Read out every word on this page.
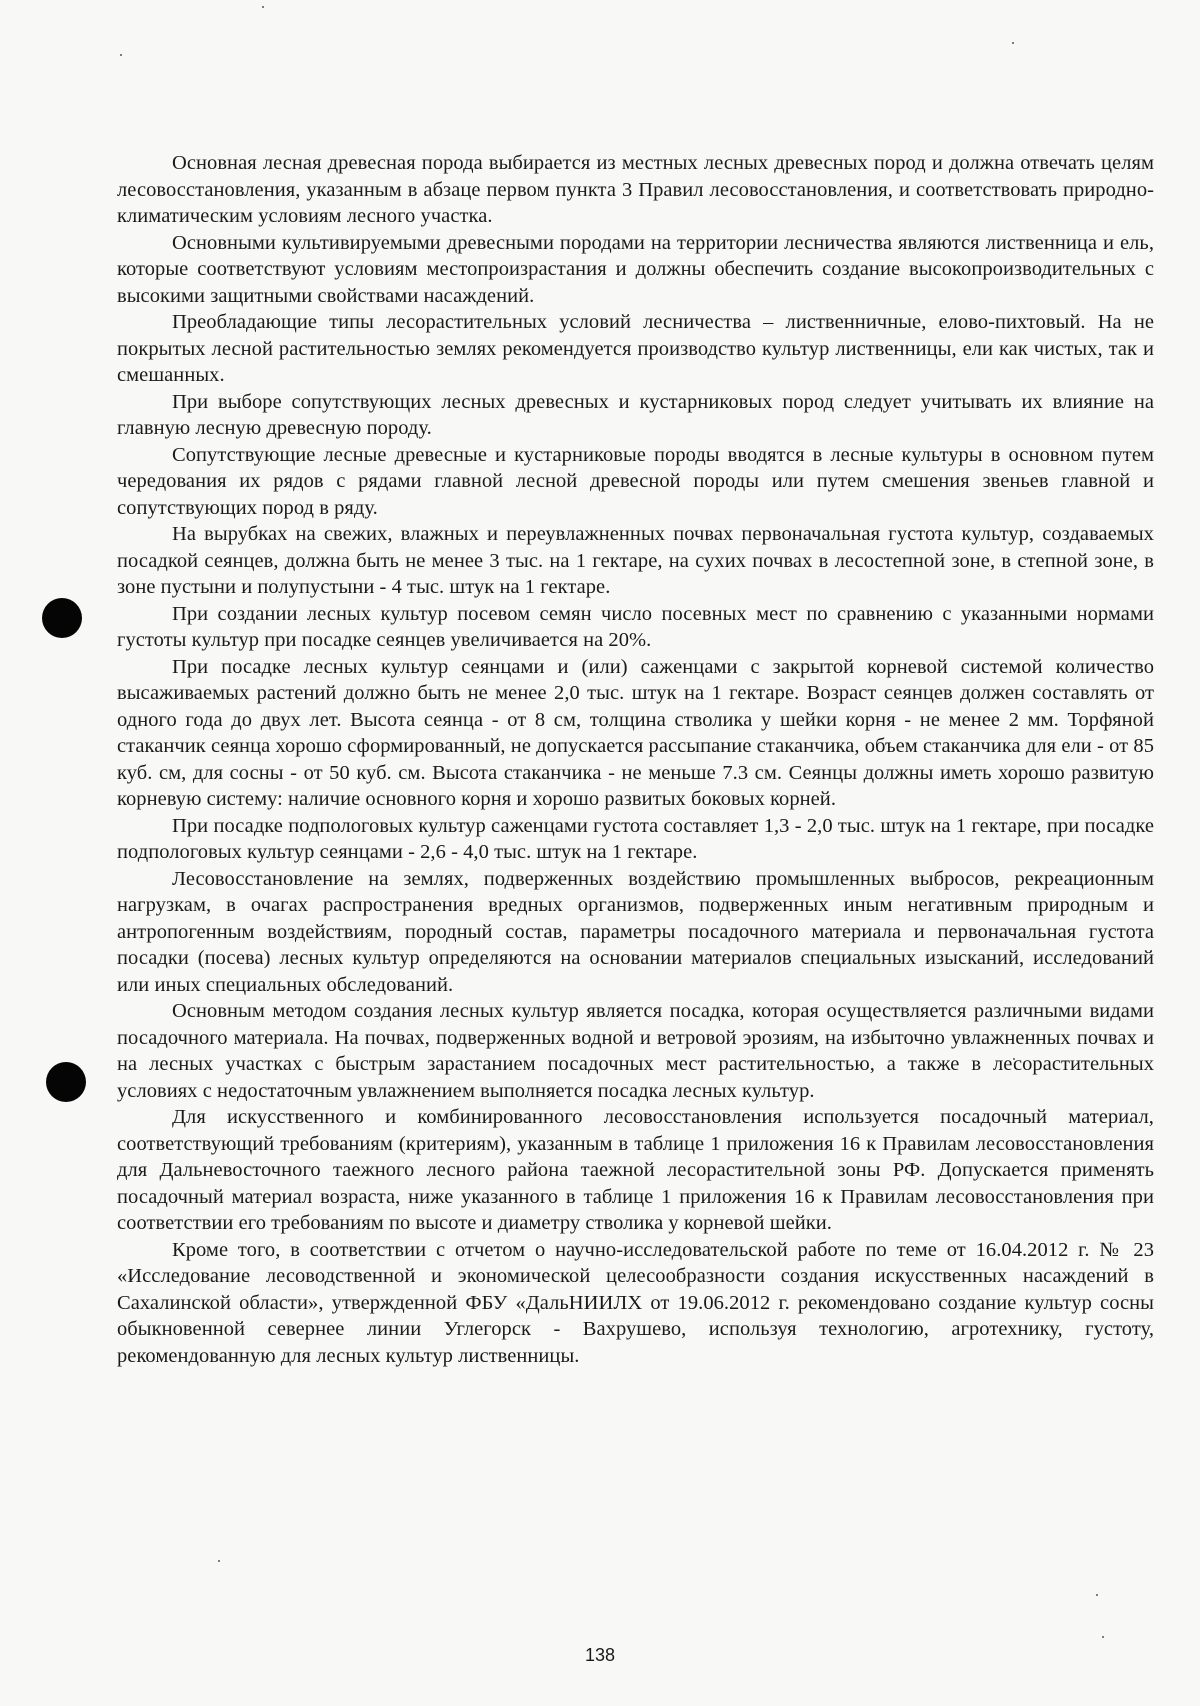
Основная лесная древесная порода выбирается из местных лесных древесных пород и должна отвечать целям лесовосстановления, указанным в абзаце первом пункта 3 Правил лесовосстановления, и соответствовать природно-климатическим условиям лесного участка.

Основными культивируемыми древесными породами на территории лесничества являются лиственница и ель, которые соответствуют условиям местопроизрастания и должны обеспечить создание высокопроизводительных с высокими защитными свойствами насаждений.

Преобладающие типы лесорастительных условий лесничества – лиственничные, елово-пихтовый. На не покрытых лесной растительностью землях рекомендуется производство культур лиственницы, ели как чистых, так и смешанных.

При выборе сопутствующих лесных древесных и кустарниковых пород следует учитывать их влияние на главную лесную древесную породу.

Сопутствующие лесные древесные и кустарниковые породы вводятся в лесные культуры в основном путем чередования их рядов с рядами главной лесной древесной породы или путем смешения звеньев главной и сопутствующих пород в ряду.

На вырубках на свежих, влажных и переувлажненных почвах первоначальная густота культур, создаваемых посадкой сеянцев, должна быть не менее 3 тыс. на 1 гектаре, на сухих почвах в лесостепной зоне, в степной зоне, в зоне пустыни и полупустыни - 4 тыс. штук на 1 гектаре.

При создании лесных культур посевом семян число посевных мест по сравнению с указанными нормами густоты культур при посадке сеянцев увеличивается на 20%.

При посадке лесных культур сеянцами и (или) саженцами с закрытой корневой системой количество высаживаемых растений должно быть не менее 2,0 тыс. штук на 1 гектаре. Возраст сеянцев должен составлять от одного года до двух лет. Высота сеянца - от 8 см, толщина стволика у шейки корня - не менее 2 мм. Торфяной стаканчик сеянца хорошо сформированный, не допускается рассыпание стаканчика, объем стаканчика для ели - от 85 куб. см, для сосны - от 50 куб. см. Высота стаканчика - не меньше 7.3 см. Сеянцы должны иметь хорошо развитую корневую систему: наличие основного корня и хорошо развитых боковых корней.

При посадке подпологовых культур саженцами густота составляет 1,3 - 2,0 тыс. штук на 1 гектаре, при посадке подпологовых культур сеянцами - 2,6 - 4,0 тыс. штук на 1 гектаре.

Лесовосстановление на землях, подверженных воздействию промышленных выбросов, рекреационным нагрузкам, в очагах распространения вредных организмов, подверженных иным негативным природным и антропогенным воздействиям, породный состав, параметры посадочного материала и первоначальная густота посадки (посева) лесных культур определяются на основании материалов специальных изысканий, исследований или иных специальных обследований.

Основным методом создания лесных культур является посадка, которая осуществляется различными видами посадочного материала. На почвах, подверженных водной и ветровой эрозиям, на избыточно увлажненных почвах и на лесных участках с быстрым зарастанием посадочных мест растительностью, а также в лесорастительных условиях с недостаточным увлажнением выполняется посадка лесных культур.

Для искусственного и комбинированного лесовосстановления используется посадочный материал, соответствующий требованиям (критериям), указанным в таблице 1 приложения 16 к Правилам лесовосстановления для Дальневосточного таежного лесного района таежной лесорастительной зоны РФ. Допускается применять посадочный материал возраста, ниже указанного в таблице 1 приложения 16 к Правилам лесовосстановления при соответствии его требованиям по высоте и диаметру стволика у корневой шейки.

Кроме того, в соответствии с отчетом о научно-исследовательской работе по теме от 16.04.2012 г. № 23 «Исследование лесоводственной и экономической целесообразности создания искусственных насаждений в Сахалинской области», утвержденной ФБУ «ДальНИИЛХ от 19.06.2012 г. рекомендовано создание культур сосны обыкновенной севернее линии Углегорск - Вахрушево, используя технологию, агротехнику, густоту, рекомендованную для лесных культур лиственницы.

138
